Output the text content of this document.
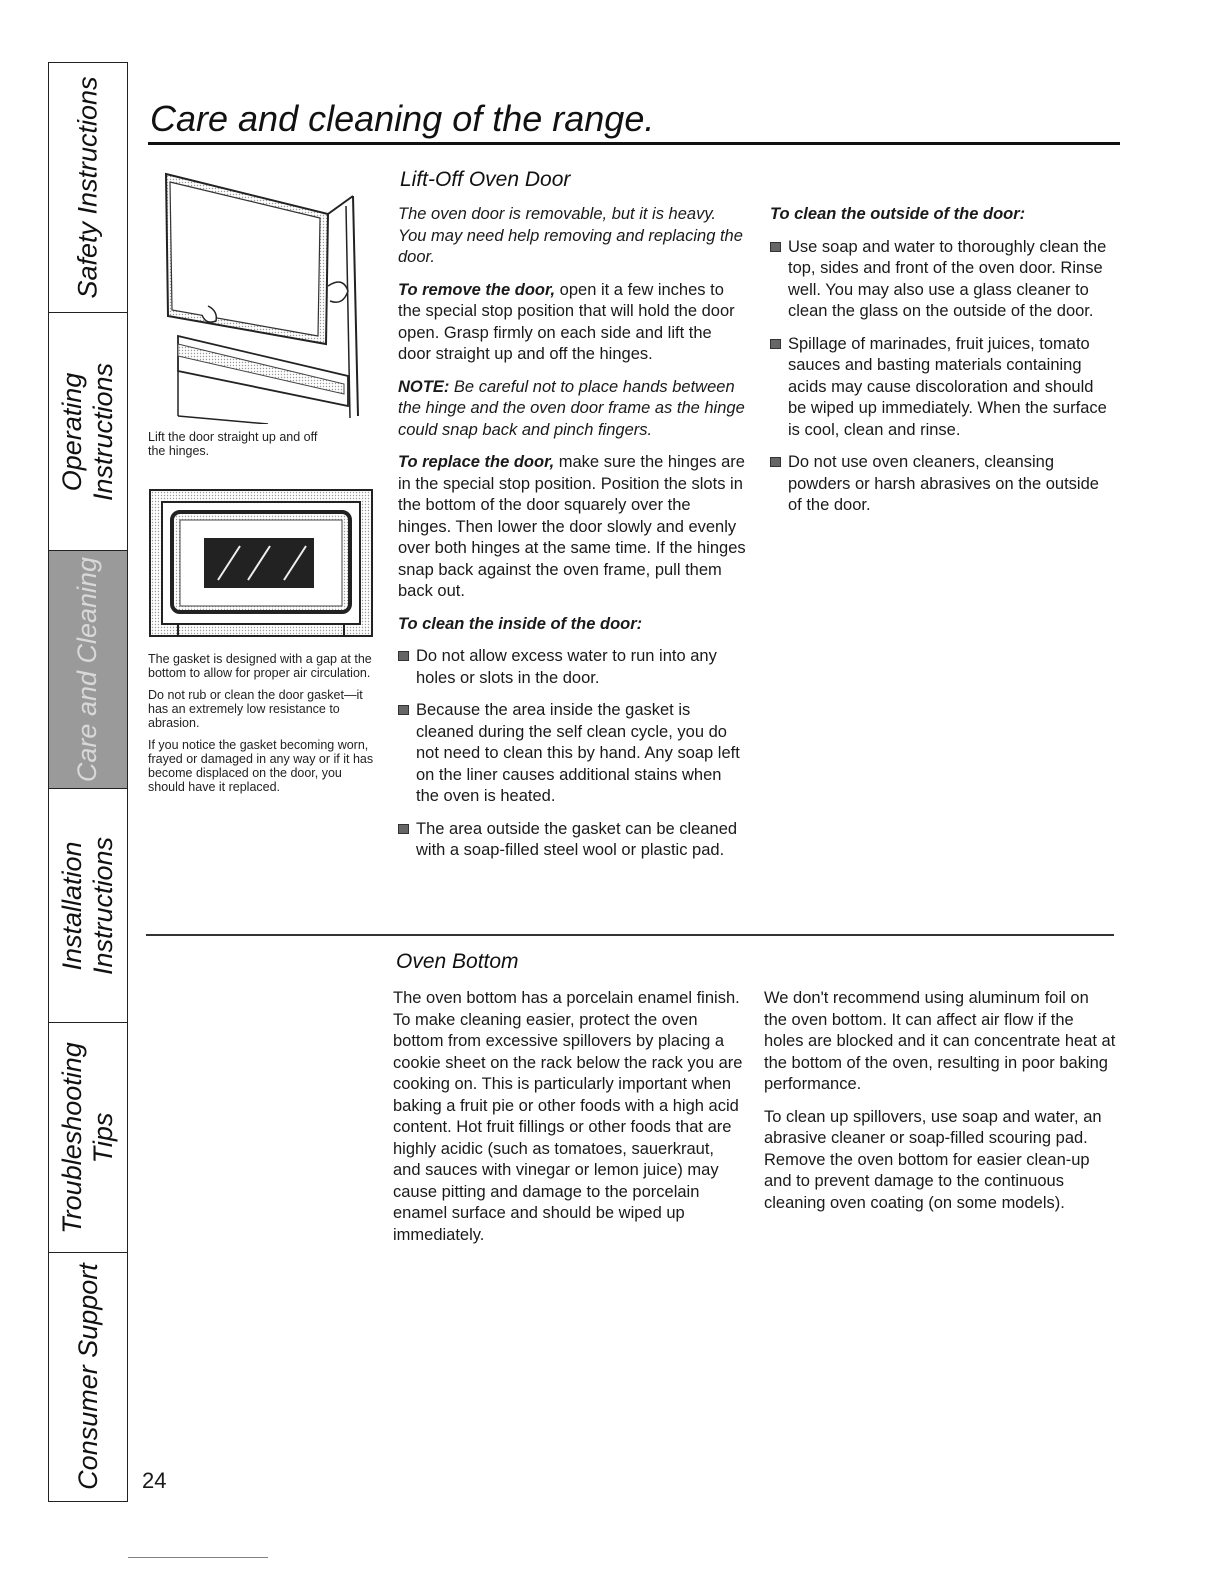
Safety Instructions
Operating
Instructions
Care and Cleaning
Installation
Instructions
Troubleshooting
Tips
Consumer Support
Care and cleaning of the range.

Lift the door straight up and off the hinges.

The gasket is designed with a gap at the bottom to allow for proper air circulation.

Do not rub or clean the door gasket—it has an extremely low resistance to abrasion.

If you notice the gasket becoming worn, frayed or damaged in any way or if it has become displaced on the door, you should have it replaced.

Lift-Off Oven Door

The oven door is removable, but it is heavy. You may need help removing and replacing the door.

To remove the door, open it a few inches to the special stop position that will hold the door open. Grasp firmly on each side and lift the door straight up and off the hinges.

NOTE: Be careful not to place hands between the hinge and the oven door frame as the hinge could snap back and pinch fingers.

To replace the door, make sure the hinges are in the special stop position. Position the slots in the bottom of the door squarely over the hinges. Then lower the door slowly and evenly over both hinges at the same time. If the hinges snap back against the oven frame, pull them back out.

To clean the inside of the door:

Do not allow excess water to run into any holes or slots in the door.
Because the area inside the gasket is cleaned during the self clean cycle, you do not need to clean this by hand. Any soap left on the liner causes additional stains when the oven is heated.
The area outside the gasket can be cleaned with a soap-filled steel wool or plastic pad.

To clean the outside of the door:

Use soap and water to thoroughly clean the top, sides and front of the oven door. Rinse well. You may also use a glass cleaner to clean the glass on the outside of the door.
Spillage of marinades, fruit juices, tomato sauces and basting materials containing acids may cause discoloration and should be wiped up immediately. When the surface is cool, clean and rinse.
Do not use oven cleaners, cleansing powders or harsh abrasives on the outside of the door.
Oven Bottom

The oven bottom has a porcelain enamel finish. To make cleaning easier, protect the oven bottom from excessive spillovers by placing a cookie sheet on the rack below the rack you are cooking on. This is particularly important when baking a fruit pie or other foods with a high acid content. Hot fruit fillings or other foods that are highly acidic (such as tomatoes, sauerkraut, and sauces with vinegar or lemon juice) may cause pitting and damage to the porcelain enamel surface and should be wiped up immediately.

We don't recommend using aluminum foil on the oven bottom. It can affect air flow if the holes are blocked and it can concentrate heat at the bottom of the oven, resulting in poor baking performance.

To clean up spillovers, use soap and water, an abrasive cleaner or soap-filled scouring pad. Remove the oven bottom for easier clean-up and to prevent damage to the continuous cleaning oven coating (on some models).

24
